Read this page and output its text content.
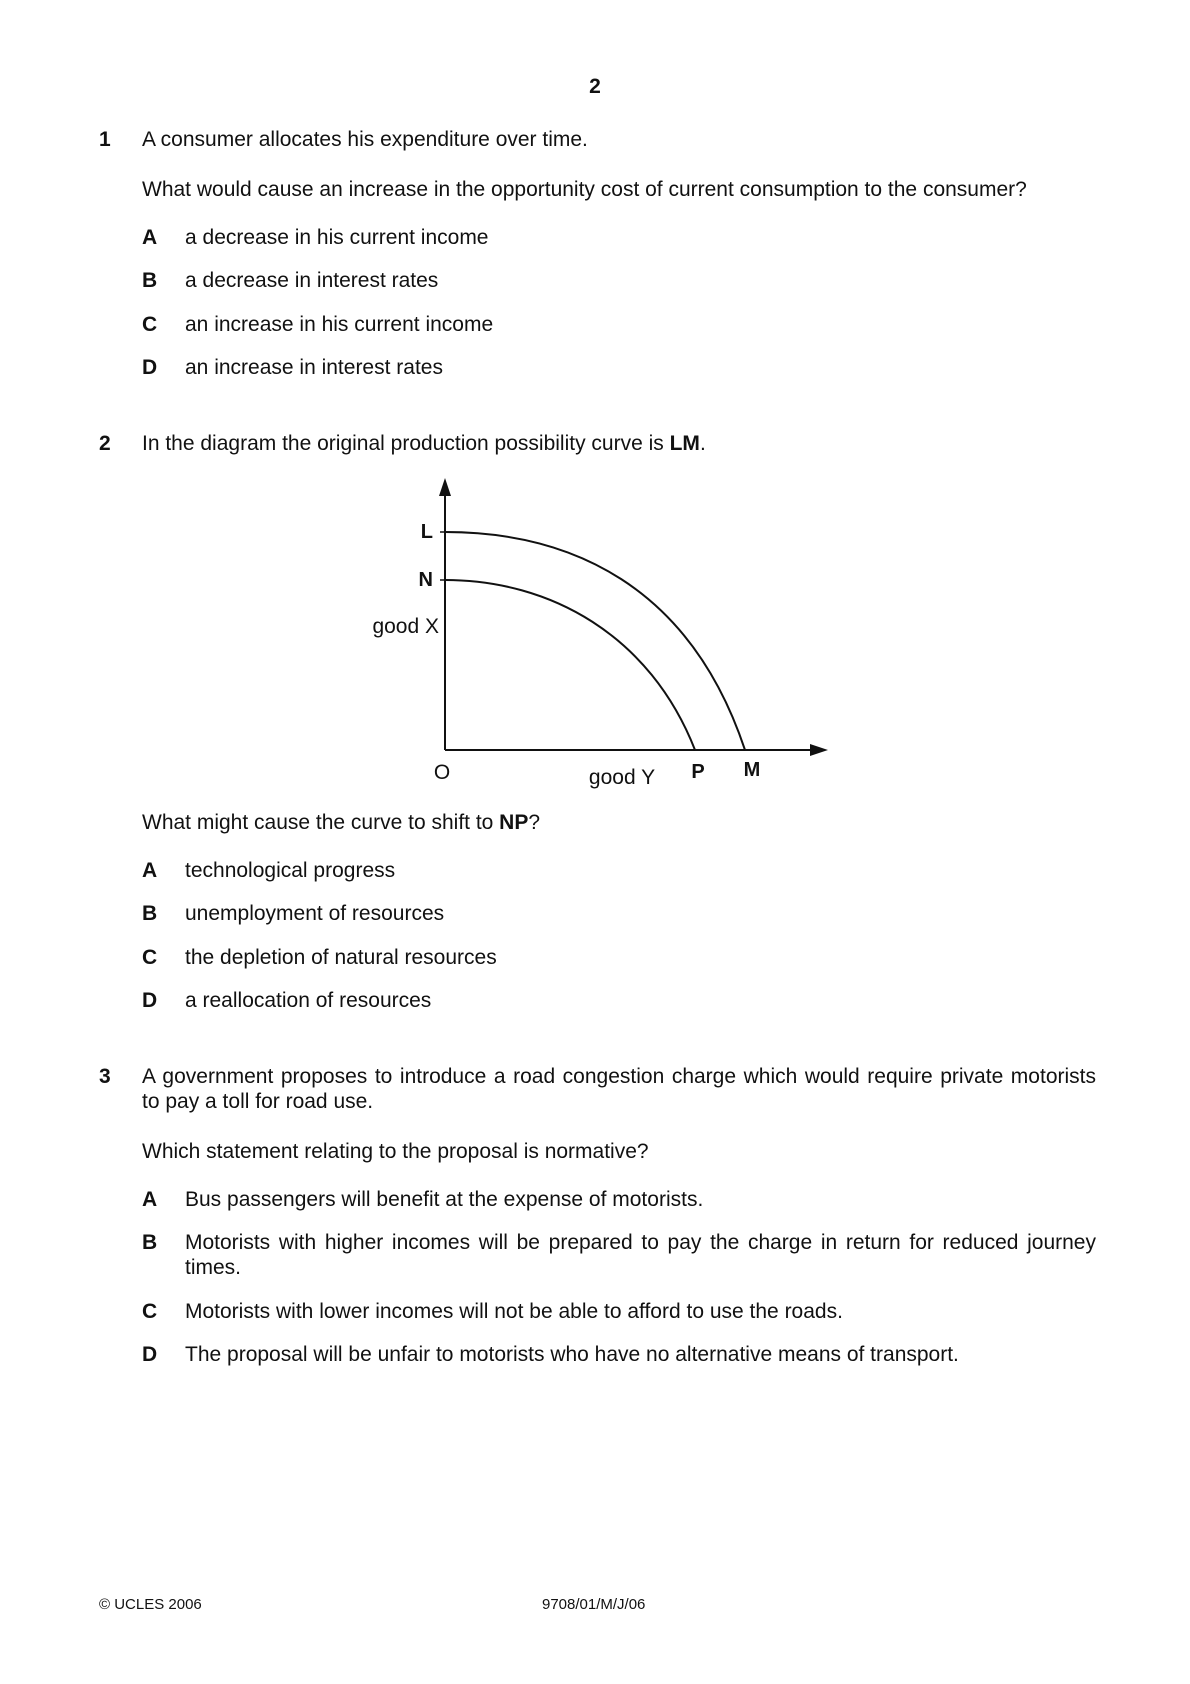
2
1 A consumer allocates his expenditure over time.
What would cause an increase in the opportunity cost of current consumption to the consumer?
A a decrease in his current income
B a decrease in interest rates
C an increase in his current income
D an increase in interest rates
2 In the diagram the original production possibility curve is LM.
L
N
good X
O	good Y P M
What might cause the curve to shift to NP?
A technological progress
B unemployment of resources
C the depletion of natural resources
D a reallocation of resources
3 A government proposes to introduce a road congestion charge which would require private motorists to pay a toll for road use.
Which statement relating to the proposal is normative?
A Bus passengers will benefit at the expense of motorists.
B Motorists with higher incomes will be prepared to pay the charge in return for reduced journey times.
C Motorists with lower incomes will not be able to afford to use the roads.
D The proposal will be unfair to motorists who have no alternative means of transport.
© UCLES 2006	9708/01/M/J/06
